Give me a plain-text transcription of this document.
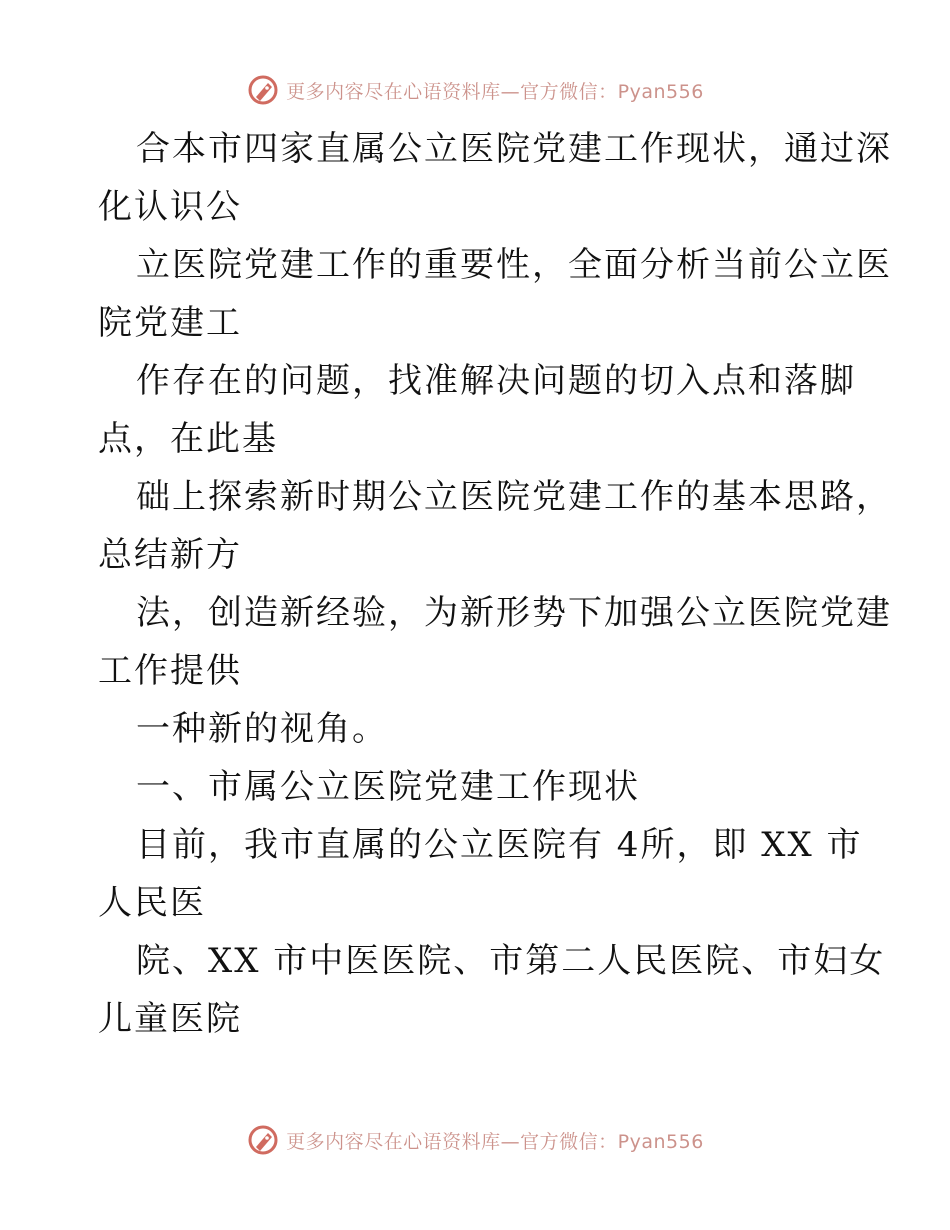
更多内容尽在心语资料库—官方微信：Pyan556

合本市四家直属公立医院党建工作现状，通过深

化认识公

立医院党建工作的重要性，全面分析当前公立医

院党建工

作存在的问题，找准解决问题的切入点和落脚

点，在此基

础上探索新时期公立医院党建工作的基本思路，

总结新方

法，创造新经验，为新形势下加强公立医院党建

工作提供

一种新的视角。

一、市属公立医院党建工作现状

目前，我市直属的公立医院有 4所，即 XX 市

人民医

院、XX 市中医医院、市第二人民医院、市妇女

儿童医院

更多内容尽在心语资料库—官方微信：Pyan556
